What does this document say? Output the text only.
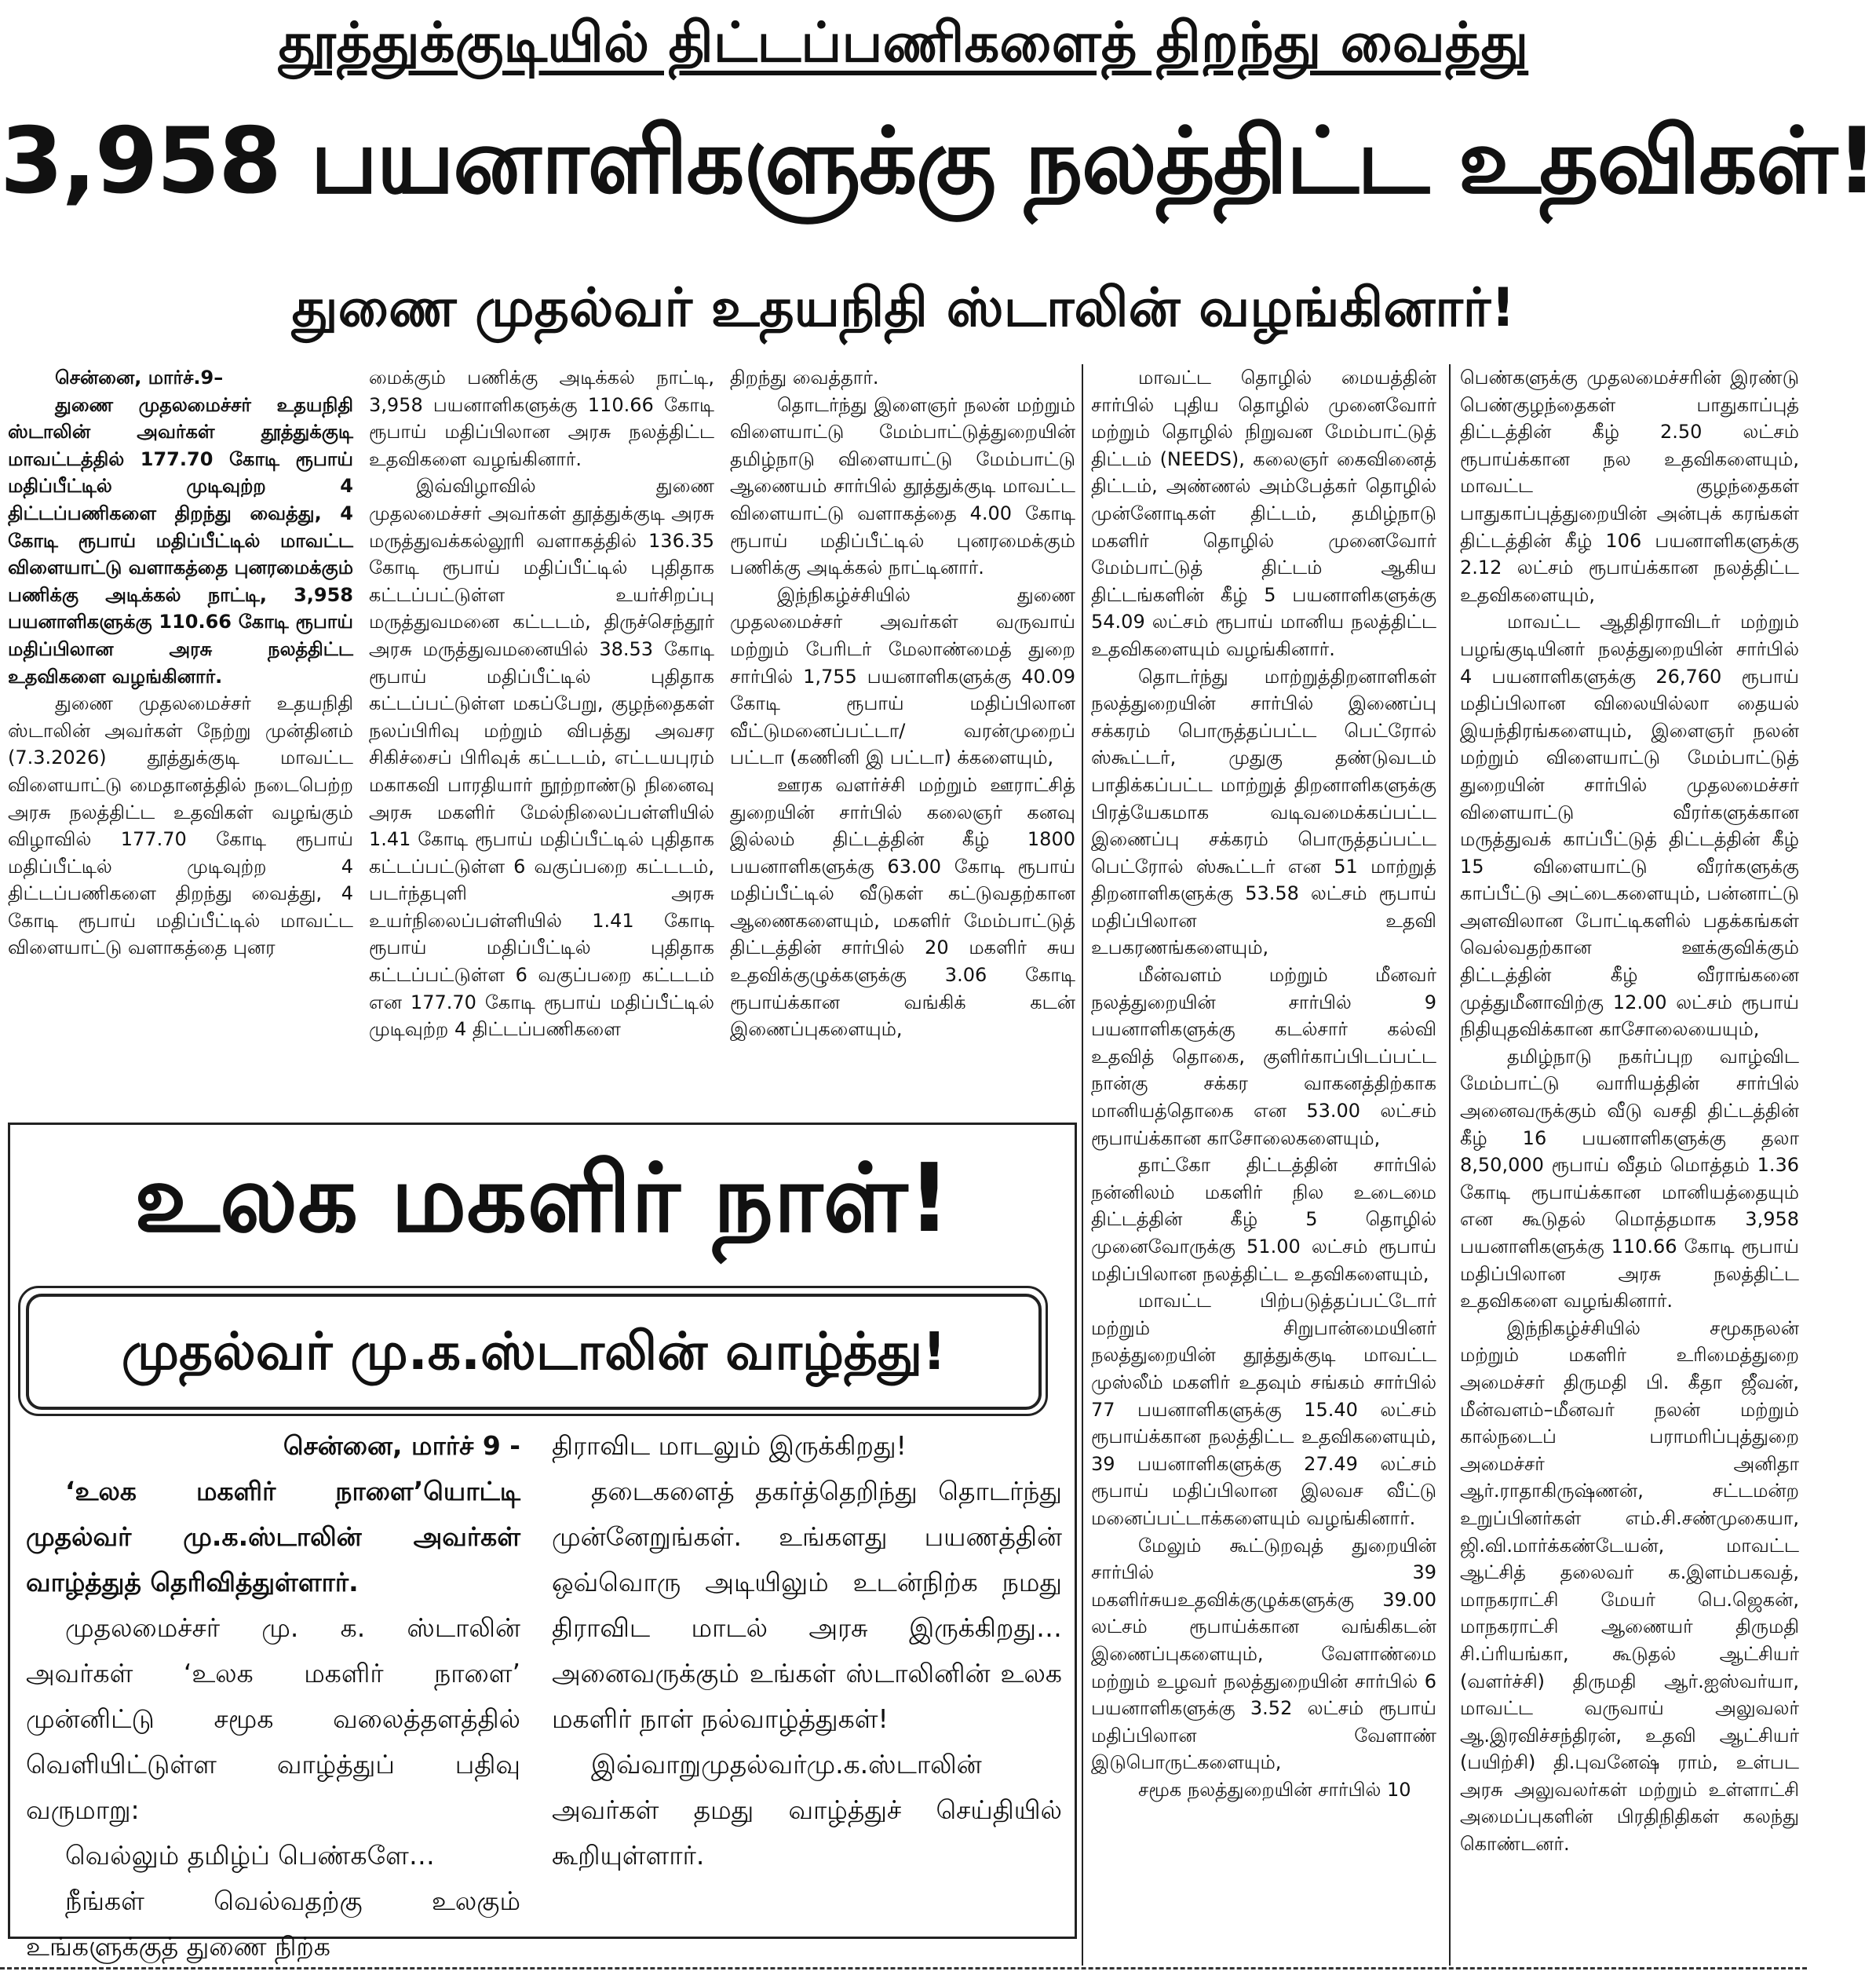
தூத்துக்குடியில் திட்டப்பணிகளைத் திறந்து வைத்து
3,958 பயனாளிகளுக்கு நலத்திட்ட உதவிகள்!
துணை முதல்வர் உதயநிதி ஸ்டாலின் வழங்கினார்!

சென்னை, மார்ச்.9–

துணை முதலமைச்சர் உதயநிதி ஸ்டாலின் அவர்கள் தூத்துக்குடி மாவட்டத்தில் 177.70 கோடி ரூபாய் மதிப்பீட்டில் முடிவுற்ற 4 திட்டப்பணிகளை திறந்து வைத்து, 4 கோடி ரூபாய் மதிப்பீட்டில் மாவட்ட விளையாட்டு வளாகத்தை புனரமைக்கும் பணிக்கு அடிக்கல் நாட்டி, 3,958 பயனாளிகளுக்கு 110.66 கோடி ரூபாய் மதிப்பிலான அரசு நலத்திட்ட உதவிகளை வழங்கினார்.

துணை முதலமைச்சர் உதயநிதி ஸ்டாலின் அவர்கள் நேற்று முன்தினம் (7.3.2026) தூத்துக்குடி மாவட்ட விளையாட்டு மைதானத்தில் நடைபெற்ற அரசு நலத்திட்ட உதவிகள் வழங்கும் விழாவில் 177.70 கோடி ரூபாய் மதிப்பீட்டில் முடிவுற்ற 4 திட்டப்பணிகளை திறந்து வைத்து, 4 கோடி ரூபாய் மதிப்பீட்டில் மாவட்ட விளையாட்டு வளாகத்தை புனர

மைக்கும் பணிக்கு அடிக்கல் நாட்டி, 3,958 பயனாளிகளுக்கு 110.66 கோடி ரூபாய் மதிப்பிலான அரசு நலத்திட்ட உதவிகளை வழங்கினார்.

இவ்விழாவில் துணை முதலமைச்சர் அவர்கள் தூத்துக்குடி அரசு மருத்துவக்கல்லூரி வளாகத்தில் 136.35 கோடி ரூபாய் மதிப்பீட்டில் புதிதாக கட்டப்பட்டுள்ள உயர்சிறப்பு மருத்துவமனை கட்டடம், திருச்செந்தூர் அரசு மருத்துவமனையில் 38.53 கோடி ரூபாய் மதிப்பீட்டில் புதிதாக கட்டப்பட்டுள்ள மகப்பேறு, குழந்தைகள் நலப்பிரிவு மற்றும் விபத்து அவசர சிகிச்சைப் பிரிவுக் கட்டடம், எட்டயபுரம் மகாகவி பாரதியார் நூற்றாண்டு நினைவு அரசு மகளிர் மேல்நிலைப்பள்ளியில் 1.41 கோடி ரூபாய் மதிப்பீட்டில் புதிதாக கட்டப்பட்டுள்ள 6 வகுப்பறை கட்டடம், படர்ந்தபுளி அரசு உயர்நிலைப்பள்ளியில் 1.41 கோடி ரூபாய் மதிப்பீட்டில் புதிதாக கட்டப்பட்டுள்ள 6 வகுப்பறை கட்டடம் என 177.70 கோடி ரூபாய் மதிப்பீட்டில் முடிவுற்ற 4 திட்டப்பணிகளை

திறந்து வைத்தார்.

தொடர்ந்து இளைஞர் நலன் மற்றும் விளையாட்டு மேம்பாட்டுத்துறையின் தமிழ்நாடு விளையாட்டு மேம்பாட்டு ஆணையம் சார்பில் தூத்துக்குடி மாவட்ட விளையாட்டு வளாகத்தை 4.00 கோடி ரூபாய் மதிப்பீட்டில் புனரமைக்கும் பணிக்கு அடிக்கல் நாட்டினார்.

இந்நிகழ்ச்சியில் துணை முதலமைச்சர் அவர்கள் வருவாய் மற்றும் பேரிடர் மேலாண்மைத் துறை சார்பில் 1,755 பயனாளிகளுக்கு 40.09 கோடி ரூபாய் மதிப்பிலான வீட்டுமனைப்பட்டா/ வரன்முறைப் பட்டா (கணினி இ பட்டா) க்களையும்,

ஊரக வளர்ச்சி மற்றும் ஊராட்சித் துறையின் சார்பில் கலைஞர் கனவு இல்லம் திட்டத்தின் கீழ் 1800 பயனாளிகளுக்கு 63.00 கோடி ரூபாய் மதிப்பீட்டில் வீடுகள் கட்டுவதற்கான ஆணைகளையும், மகளிர் மேம்பாட்டுத் திட்டத்தின் சார்பில் 20 மகளிர் சுய உதவிக்குழுக்களுக்கு 3.06 கோடி ரூபாய்க்கான வங்கிக் கடன் இணைப்புகளையும்,

மாவட்ட தொழில் மையத்தின் சார்பில் புதிய தொழில் முனைவோர் மற்றும் தொழில் நிறுவன மேம்பாட்டுத் திட்டம் (NEEDS), கலைஞர் கைவினைத் திட்டம், அண்ணல் அம்பேத்கர் தொழில் முன்னோடிகள் திட்டம், தமிழ்நாடு மகளிர் தொழில் முனைவோர் மேம்பாட்டுத் திட்டம் ஆகிய திட்டங்களின் கீழ் 5 பயனாளிகளுக்கு 54.09 லட்சம் ரூபாய் மானிய நலத்திட்ட உதவிகளையும் வழங்கினார்.

தொடர்ந்து மாற்றுத்திறனாளிகள் நலத்துறையின் சார்பில் இணைப்பு சக்கரம் பொருத்தப்பட்ட பெட்ரோல் ஸ்கூட்டர், முதுகு தண்டுவடம் பாதிக்கப்பட்ட மாற்றுத் திறனாளிகளுக்கு பிரத்யேகமாக வடிவமைக்கப்பட்ட இணைப்பு சக்கரம் பொருத்தப்பட்ட பெட்ரோல் ஸ்கூட்டர் என 51 மாற்றுத் திறனாளிகளுக்கு 53.58 லட்சம் ரூபாய் மதிப்பிலான உதவி உபகரணங்களையும்,

மீன்வளம் மற்றும் மீனவர் நலத்துறையின் சார்பில் 9 பயனாளிகளுக்கு கடல்சார் கல்வி உதவித் தொகை, குளிர்காப்பிடப்பட்ட நான்கு சக்கர வாகனத்திற்காக மானியத்தொகை என 53.00 லட்சம் ரூபாய்க்கான காசோலைகளையும்,

தாட்கோ திட்டத்தின் சார்பில் நன்னிலம் மகளிர் நில உடைமை திட்டத்தின் கீழ் 5 தொழில் முனைவோருக்கு 51.00 லட்சம் ரூபாய் மதிப்பிலான நலத்திட்ட உதவிகளையும்,

மாவட்ட பிற்படுத்தப்பட்டோர் மற்றும் சிறுபான்மையினர் நலத்துறையின் தூத்துக்குடி மாவட்ட முஸ்லீம் மகளிர் உதவும் சங்கம் சார்பில் 77 பயனாளிகளுக்கு 15.40 லட்சம் ரூபாய்க்கான நலத்திட்ட உதவிகளையும், 39 பயனாளிகளுக்கு 27.49 லட்சம் ரூபாய் மதிப்பிலான இலவச வீட்டு மனைப்பட்டாக்களையும் வழங்கினார்.

மேலும் கூட்டுறவுத் துறையின் சார்பில் 39 மகளிர்சுயஉதவிக்குழுக்களுக்கு 39.00 லட்சம் ரூபாய்க்கான வங்கிகடன் இணைப்புகளையும், வேளாண்மை மற்றும் உழவர் நலத்துறையின் சார்பில் 6 பயனாளிகளுக்கு 3.52 லட்சம் ரூபாய் மதிப்பிலான வேளாண் இடுபொருட்களையும்,

சமூக நலத்துறையின் சார்பில் 10

பெண்களுக்கு முதலமைச்சரின் இரண்டு பெண்குழந்தைகள் பாதுகாப்புத் திட்டத்தின் கீழ் 2.50 லட்சம் ரூபாய்க்கான நல உதவிகளையும், மாவட்ட குழந்தைகள் பாதுகாப்புத்துறையின் அன்புக் கரங்கள் திட்டத்தின் கீழ் 106 பயனாளிகளுக்கு 2.12 லட்சம் ரூபாய்க்கான நலத்திட்ட உதவிகளையும்,

மாவட்ட ஆதிதிராவிடர் மற்றும் பழங்குடியினர் நலத்துறையின் சார்பில் 4 பயனாளிகளுக்கு 26,760 ரூபாய் மதிப்பிலான விலையில்லா தையல் இயந்திரங்களையும், இளைஞர் நலன் மற்றும் விளையாட்டு மேம்பாட்டுத் துறையின் சார்பில் முதலமைச்சர் விளையாட்டு வீரர்களுக்கான மருத்துவக் காப்பீட்டுத் திட்டத்தின் கீழ் 15 விளையாட்டு வீரர்களுக்கு காப்பீட்டு அட்டைகளையும், பன்னாட்டு அளவிலான போட்டிகளில் பதக்கங்கள் வெல்வதற்கான ஊக்குவிக்கும் திட்டத்தின் கீழ் வீராங்கனை முத்துமீனாவிற்கு 12.00 லட்சம் ரூபாய் நிதியுதவிக்கான காசோலையையும்,

தமிழ்நாடு நகர்ப்புற வாழ்விட மேம்பாட்டு வாரியத்தின் சார்பில் அனைவருக்கும் வீடு வசதி திட்டத்தின் கீழ் 16 பயனாளிகளுக்கு தலா 8,50,000 ரூபாய் வீதம் மொத்தம் 1.36 கோடி ரூபாய்க்கான மானியத்தையும் என கூடுதல் மொத்தமாக 3,958 பயனாளிகளுக்கு 110.66 கோடி ரூபாய் மதிப்பிலான அரசு நலத்திட்ட உதவிகளை வழங்கினார்.

இந்நிகழ்ச்சியில் சமூகநலன் மற்றும் மகளிர் உரிமைத்துறை அமைச்சர் திருமதி பி. கீதா ஜீவன், மீன்வளம்–மீனவர் நலன் மற்றும் கால்நடைப் பராமரிப்புத்துறை அமைச்சர் அனிதா ஆர்.ராதாகிருஷ்ணன், சட்டமன்ற உறுப்பினர்கள் எம்.சி.சண்முகையா, ஜி.வி.மார்க்கண்டேயன், மாவட்ட ஆட்சித் தலைவர் க.இளம்பகவத், மாநகராட்சி மேயர் பெ.ஜெகன், மாநகராட்சி ஆணையர் திருமதி சி.ப்ரியங்கா, கூடுதல் ஆட்சியர் (வளர்ச்சி) திருமதி ஆர்.ஐஸ்வர்யா, மாவட்ட வருவாய் அலுவலர் ஆ.இரவிச்சந்திரன், உதவி ஆட்சியர் (பயிற்சி) தி.புவனேஷ் ராம், உள்பட அரசு அலுவலர்கள் மற்றும் உள்ளாட்சி அமைப்புகளின் பிரதிநிதிகள் கலந்து கொண்டனர்.

உலக மகளிர் நாள்!
முதல்வர் மு.க.ஸ்டாலின் வாழ்த்து!

சென்னை, மார்ச் 9 -

‘உலக மகளிர் நாளை’யொட்டி முதல்வர் மு.க.ஸ்டாலின் அவர்கள் வாழ்த்துத் தெரிவித்துள்ளார்.

முதலமைச்சர் மு. க. ஸ்டாலின் அவர்கள் ‘உலக மகளிர் நாளை’ முன்னிட்டு சமூக வலைத்தளத்தில் வெளியிட்டுள்ள வாழ்த்துப் பதிவு வருமாறு:

வெல்லும் தமிழ்ப் பெண்களே…

நீங்கள் வெல்வதற்கு உலகும் உங்களுக்குத் துணை நிற்க

திராவிட மாடலும் இருக்கிறது!

தடைகளைத் தகர்த்தெறிந்து தொடர்ந்து முன்னேறுங்கள். உங்களது பயணத்தின் ஒவ்வொரு அடியிலும் உடன்நிற்க நமது திராவிட மாடல் அரசு இருக்கிறது… அனைவருக்கும் உங்கள் ஸ்டாலினின் உலக மகளிர் நாள் நல்வாழ்த்துகள்!

இவ்வாறுமுதல்வர்மு.க.ஸ்டாலின் அவர்கள் தமது வாழ்த்துச் செய்தியில் கூறியுள்ளார்.
